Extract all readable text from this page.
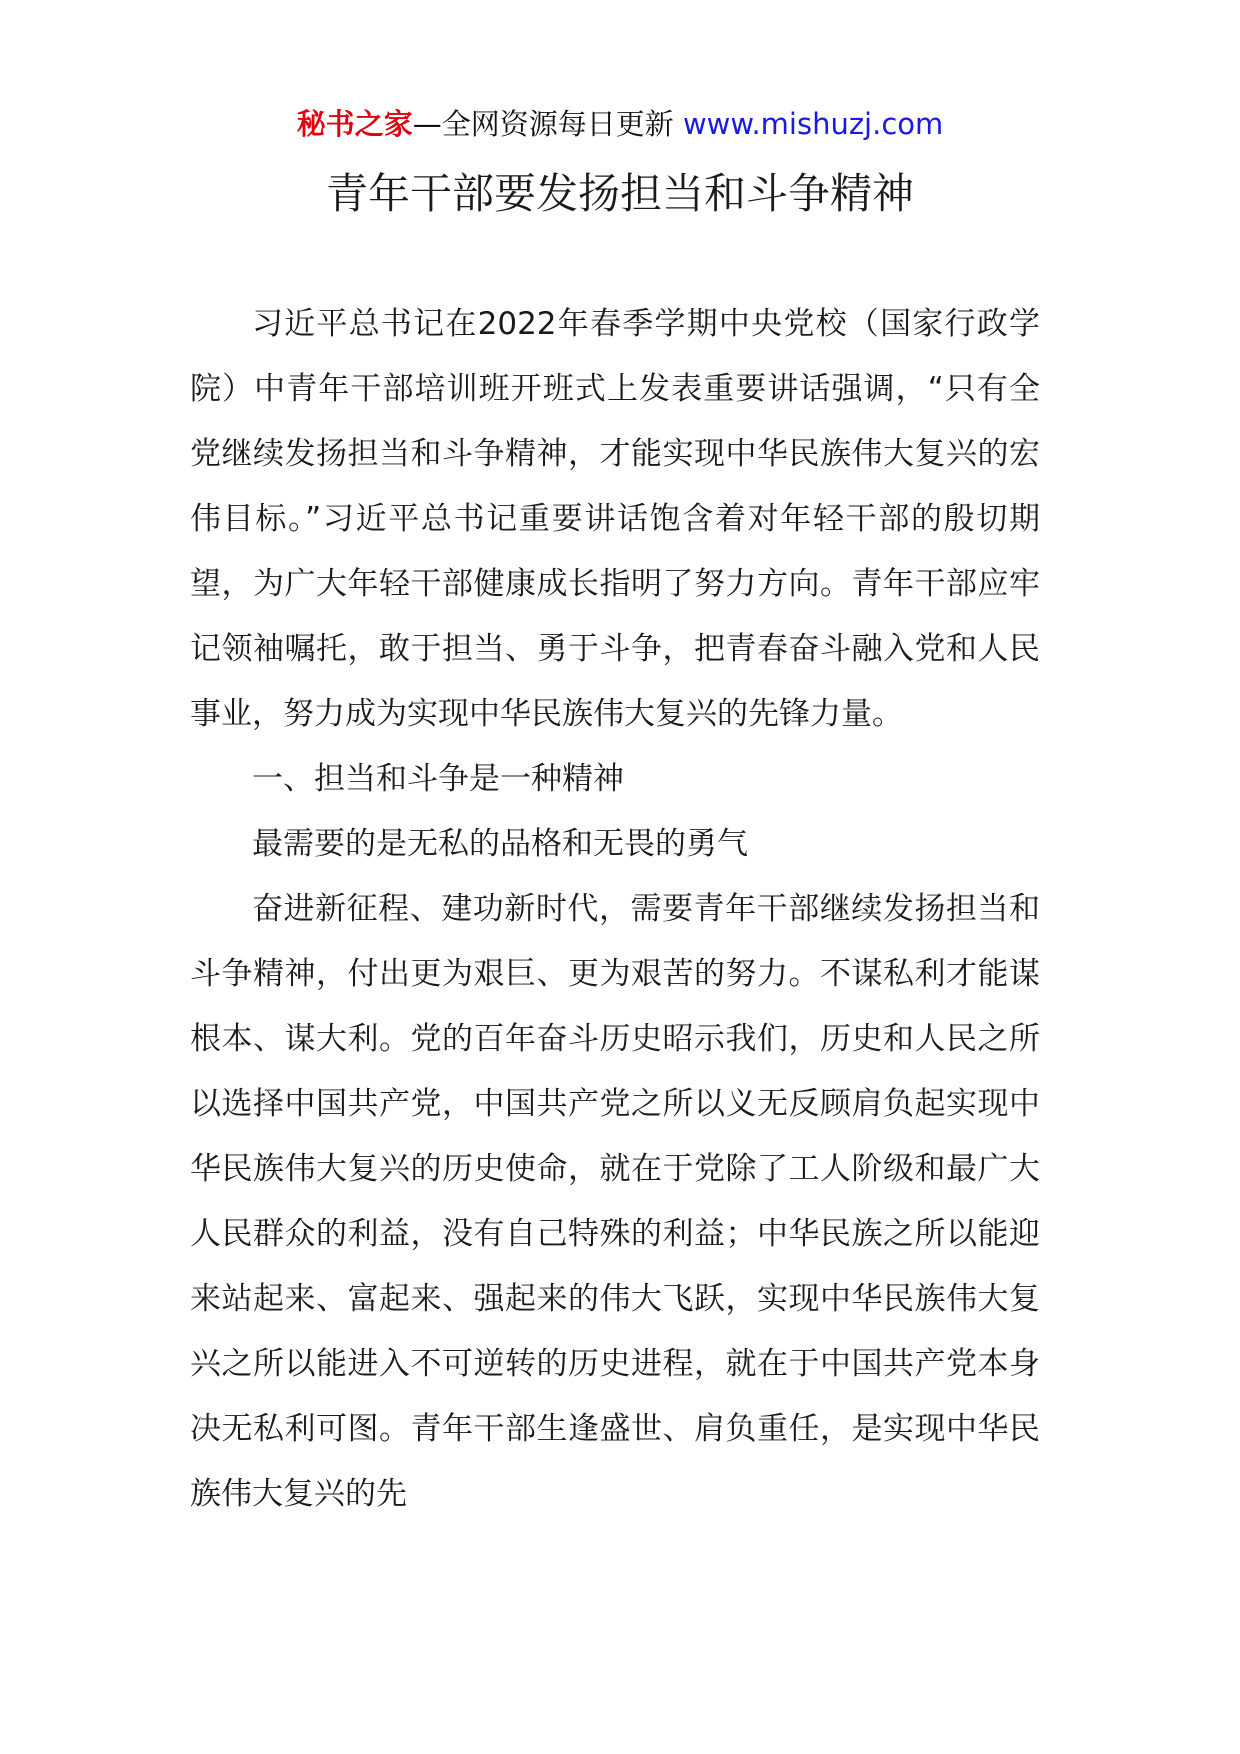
秘书之家—全网资源每日更新 www.mishuzj.com
青年干部要发扬担当和斗争精神

习近平总书记在2022年春季学期中央党校（国家行政学院）中青年干部培训班开班式上发表重要讲话强调，“只有全党继续发扬担当和斗争精神，才能实现中华民族伟大复兴的宏伟目标。”习近平总书记重要讲话饱含着对年轻干部的殷切期望，为广大年轻干部健康成长指明了努力方向。青年干部应牢记领袖嘱托，敢于担当、勇于斗争，把青春奋斗融入党和人民事业，努力成为实现中华民族伟大复兴的先锋力量。

一、担当和斗争是一种精神

最需要的是无私的品格和无畏的勇气

奋进新征程、建功新时代，需要青年干部继续发扬担当和斗争精神，付出更为艰巨、更为艰苦的努力。不谋私利才能谋根本、谋大利。党的百年奋斗历史昭示我们，历史和人民之所以选择中国共产党，中国共产党之所以义无反顾肩负起实现中华民族伟大复兴的历史使命，就在于党除了工人阶级和最广大人民群众的利益，没有自己特殊的利益；中华民族之所以能迎来站起来、富起来、强起来的伟大飞跃，实现中华民族伟大复兴之所以能进入不可逆转的历史进程，就在于中国共产党本身决无私利可图。青年干部生逢盛世、肩负重任，是实现中华民族伟大复兴的先
